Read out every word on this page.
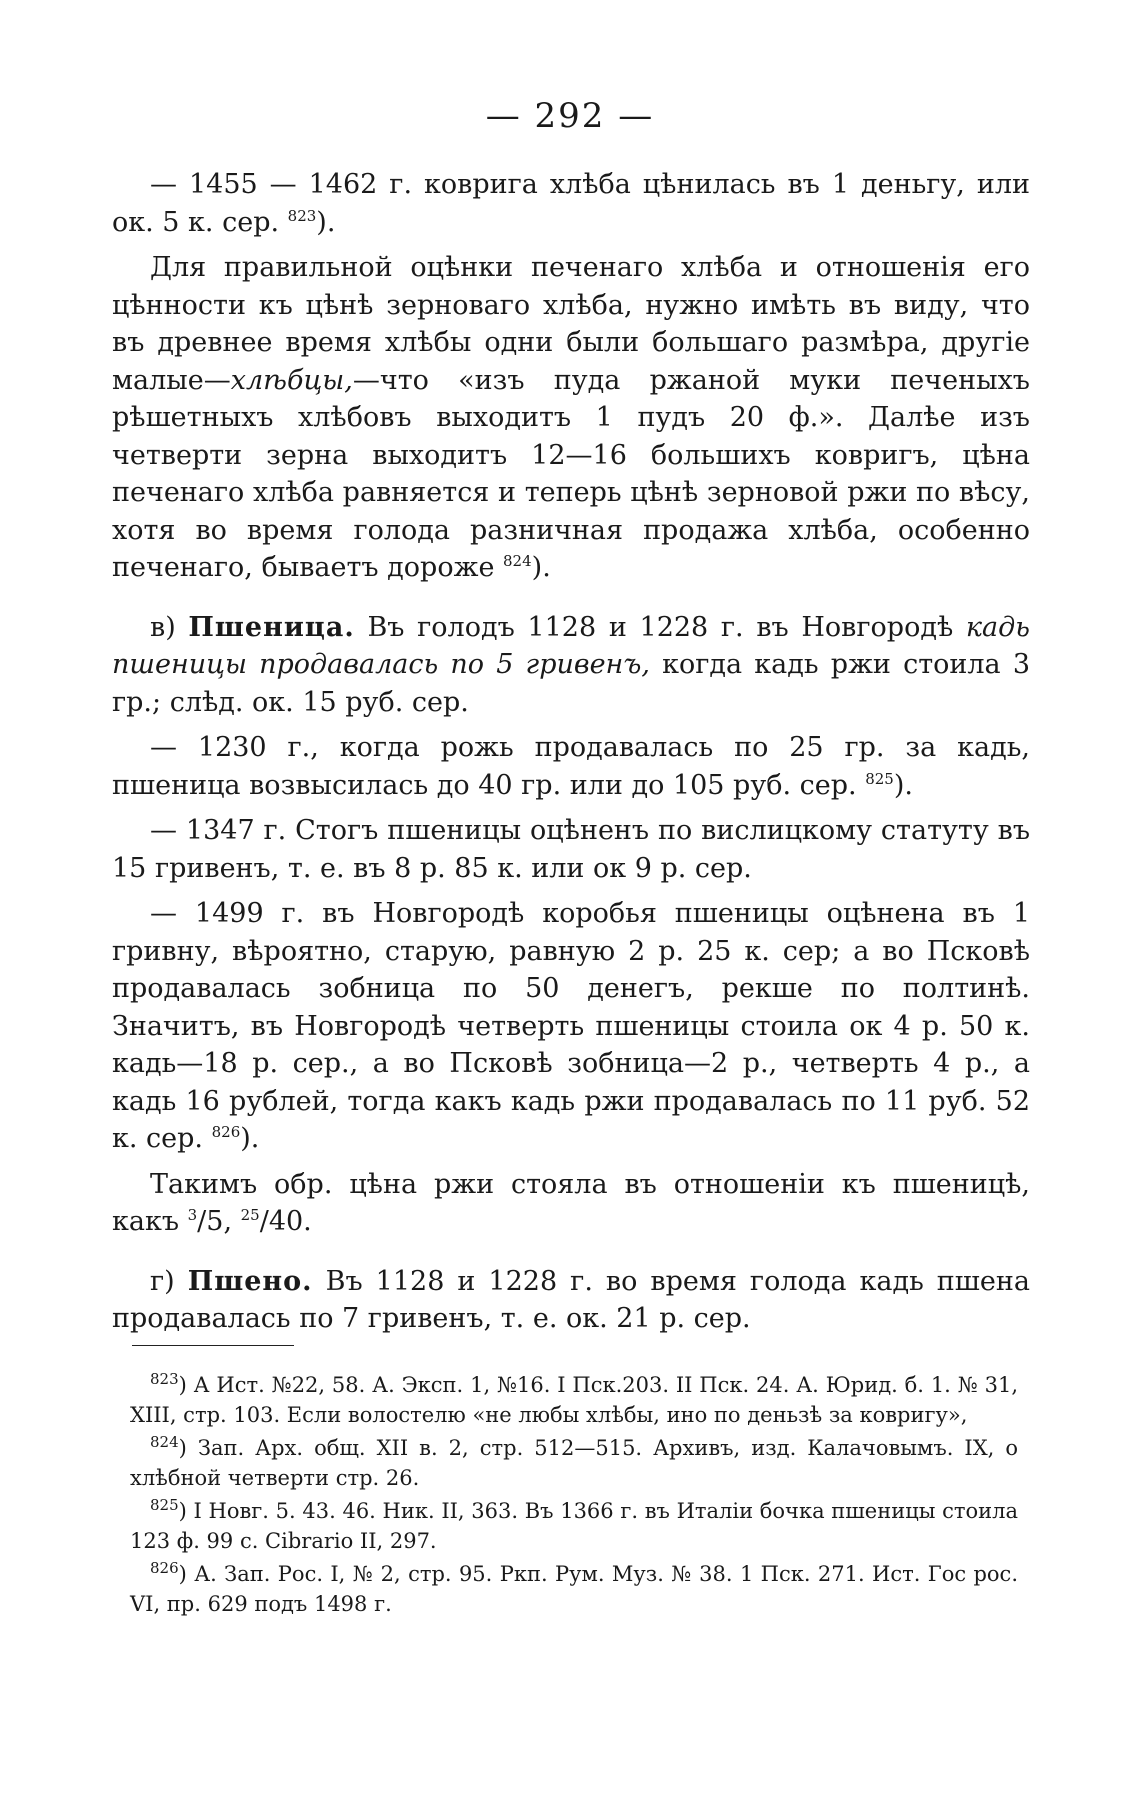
— 292 —

— 1455 — 1462 г. коврига хлѣба цѣнилась въ 1 деньгу, или ок. 5 к. сер. $^{823}$).

Для правильной оцѣнки печенаго хлѣба и отношенія его цѣнности къ цѣнѣ зерноваго хлѣба, нужно имѣть въ виду, что въ древнее время хлѣбы одни были большаго размѣра, другіе малые—хлѣбцы,—что «изъ пуда ржаной муки печеныхъ рѣшетныхъ хлѣбовъ выходитъ 1 пудъ 20 ф.». Далѣе изъ четверти зерна выходитъ 12—16 большихъ ковригъ, цѣна печенаго хлѣба равняется и теперь цѣнѣ зерновой ржи по вѣсу, хотя во время голода разничная продажа хлѣба, особенно печенаго, бываетъ дороже $^{824}$).

в) Пшеница. Въ голодъ 1128 и 1228 г. въ Новгородѣ кадь пшеницы продавалась по 5 гривенъ, когда кадь ржи стоила 3 гр.; слѣд. ок. 15 руб. сер.

— 1230 г., когда рожь продавалась по 25 гр. за кадь, пшеница возвысилась до 40 гр. или до 105 руб. сер. $^{825}$).

— 1347 г. Стогъ пшеницы оцѣненъ по вислицкому статуту въ 15 гривенъ, т. е. въ 8 р. 85 к. или ок 9 р. сер.

— 1499 г. въ Новгородѣ коробья пшеницы оцѣнена въ 1 гривну, вѣроятно, старую, равную 2 р. 25 к. сер; а во Псковѣ продавалась зобница по 50 денегъ, рекше по полтинѣ. Значитъ, въ Новгородѣ четверть пшеницы стоила ок 4 р. 50 к. кадь—18 р. сер., а во Псковѣ зобница—2 р., четверть 4 р., а кадь 16 рублей, тогда какъ кадь ржи продавалась по 11 руб. 52 к. сер. $^{826}$).

Такимъ обр. цѣна ржи стояла въ отношеніи къ пшеницѣ, какъ $^3$/5, $^{25}$/40.

г) Пшено. Въ 1128 и 1228 г. во время голода кадь пшена продавалась по 7 гривенъ, т. е. ок. 21 р. сер.

$^{823}$) А Ист. №22, 58. А. Эксп. 1, №16. I Пск.203. II Пск. 24. А. Юрид. б. 1. № 31, XIII, стр. 103. Если волостелю «не любы хлѣбы, ино по деньзѣ за ковригу»,

$^{824}$) Зап. Арх. общ. XII в. 2, стр. 512—515. Архивъ, изд. Калачовымъ. IX, о хлѣбной четверти стр. 26.

$^{825}$) I Новг. 5. 43. 46. Ник. II, 363. Въ 1366 г. въ Италіи бочка пшеницы стоила 123 ф. 99 с. Cibrario II, 297.

$^{826}$) А. Зап. Рос. I, № 2, стр. 95. Ркп. Рум. Муз. № 38. 1 Пск. 271. Ист. Гос рос. VI, пр. 629 подъ 1498 г.
